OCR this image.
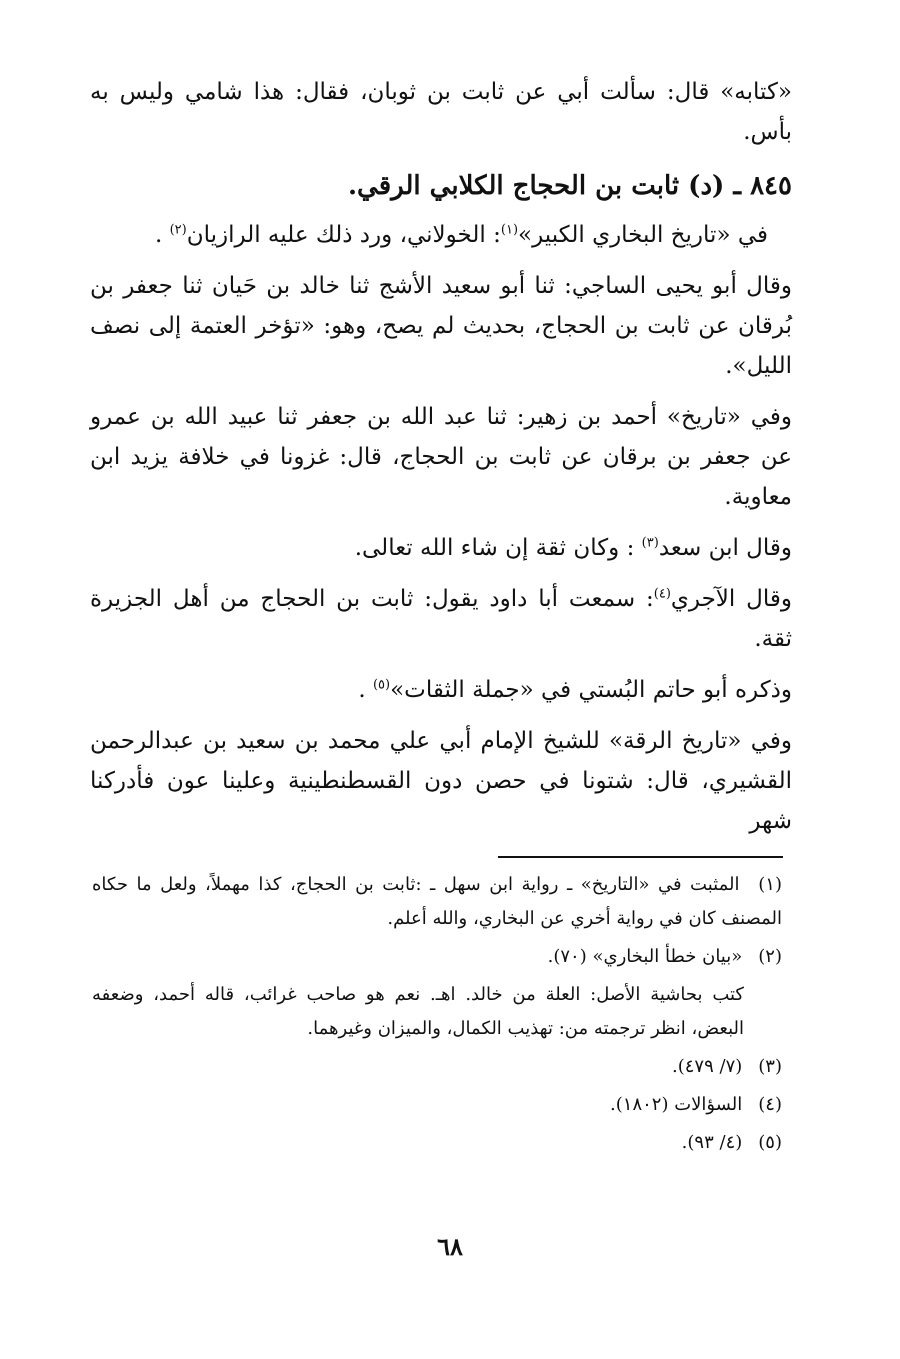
«كتابه» قال: سألت أبي عن ثابت بن ثوبان، فقال: هذا شامي وليس به بأس.

٨٤٥ ـ (د) ثابت بن الحجاج الكلابي الرقي.

في «تاريخ البخاري الكبير»$^{(١)}$: الخولاني، ورد ذلك عليه الرازيان$^{(٢)}$ .

وقال أبو يحيى الساجي: ثنا أبو سعيد الأشج ثنا خالد بن حَيان ثنا جعفر بن بُرقان عن ثابت بن الحجاج، بحديث لم يصح، وهو: «تؤخر العتمة إلى نصف الليل».

وفي «تاريخ» أحمد بن زهير: ثنا عبد الله بن جعفر ثنا عبيد الله بن عمرو عن جعفر بن برقان عن ثابت بن الحجاج، قال: غزونا في خلافة يزيد ابن معاوية.

وقال ابن سعد$^{(٣)}$ : وكان ثقة إن شاء الله تعالى.

وقال الآجري$^{(٤)}$: سمعت أبا داود يقول: ثابت بن الحجاج من أهل الجزيرة ثقة.

وذكره أبو حاتم البُستي في «جملة الثقات»$^{(٥)}$ .

وفي «تاريخ الرقة» للشيخ الإمام أبي علي محمد بن سعيد بن عبدالرحمن القشيري، قال: شتونا في حصن دون القسطنطينية وعلينا عون فأدركنا شهر

(١) المثبت في «التاريخ» ـ رواية ابن سهل ـ :ثابت بن الحجاج، كذا مهملاً، ولعل ما حكاه المصنف كان في رواية أخري عن البخاري، والله أعلم.
(٢) «بيان خطأ البخاري» (٧٠).
كتب بحاشية الأصل: العلة من خالد. اهـ. نعم هو صاحب غرائب، قاله أحمد، وضعفه البعض، انظر ترجمته من: تهذيب الكمال، والميزان وغيرهما.
(٣) (٧/ ٤٧٩).
(٤) السؤالات (١٨٠٢).
(٥) (٤/ ٩٣).
٦٨
